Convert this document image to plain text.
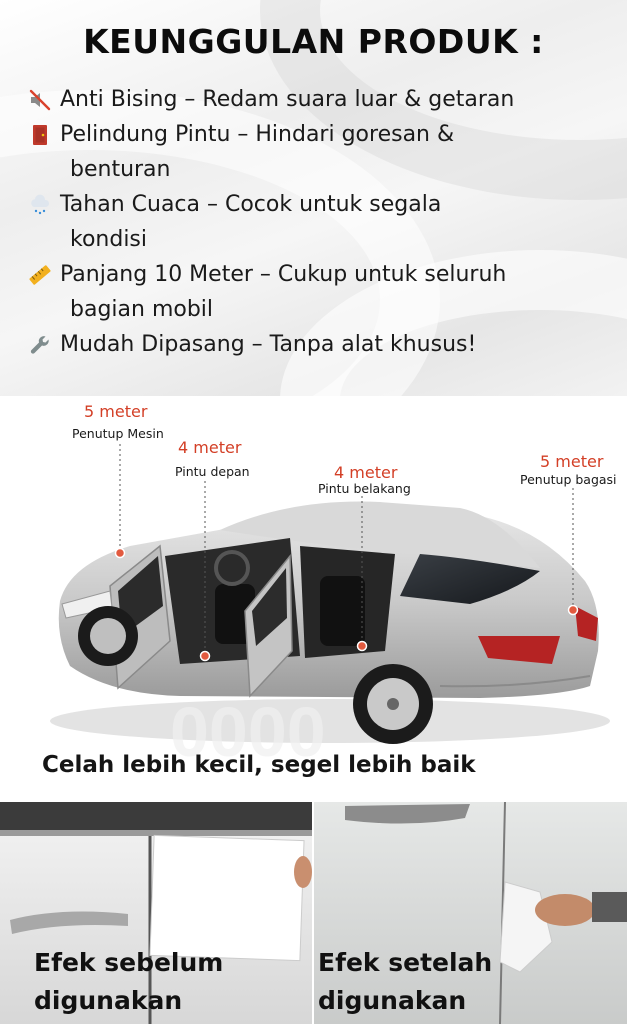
KEUNGGULAN PRODUK :
Anti Bising – Redam suara luar & getaran
Pelindung Pintu – Hindari goresan &
benturan
Tahan Cuaca – Cocok untuk segala
kondisi
Panjang 10 Meter – Cukup untuk seluruh
bagian mobil
Mudah Dipasang – Tanpa alat khusus!
0000
5 meter
Penutup Mesin
4 meter
Pintu depan	4 meter
Pintu belakang
5 meter
Penutup bagasi
Celah lebih kecil, segel lebih baik
Efek sebelum
digunakan
Efek setelah
digunakan
